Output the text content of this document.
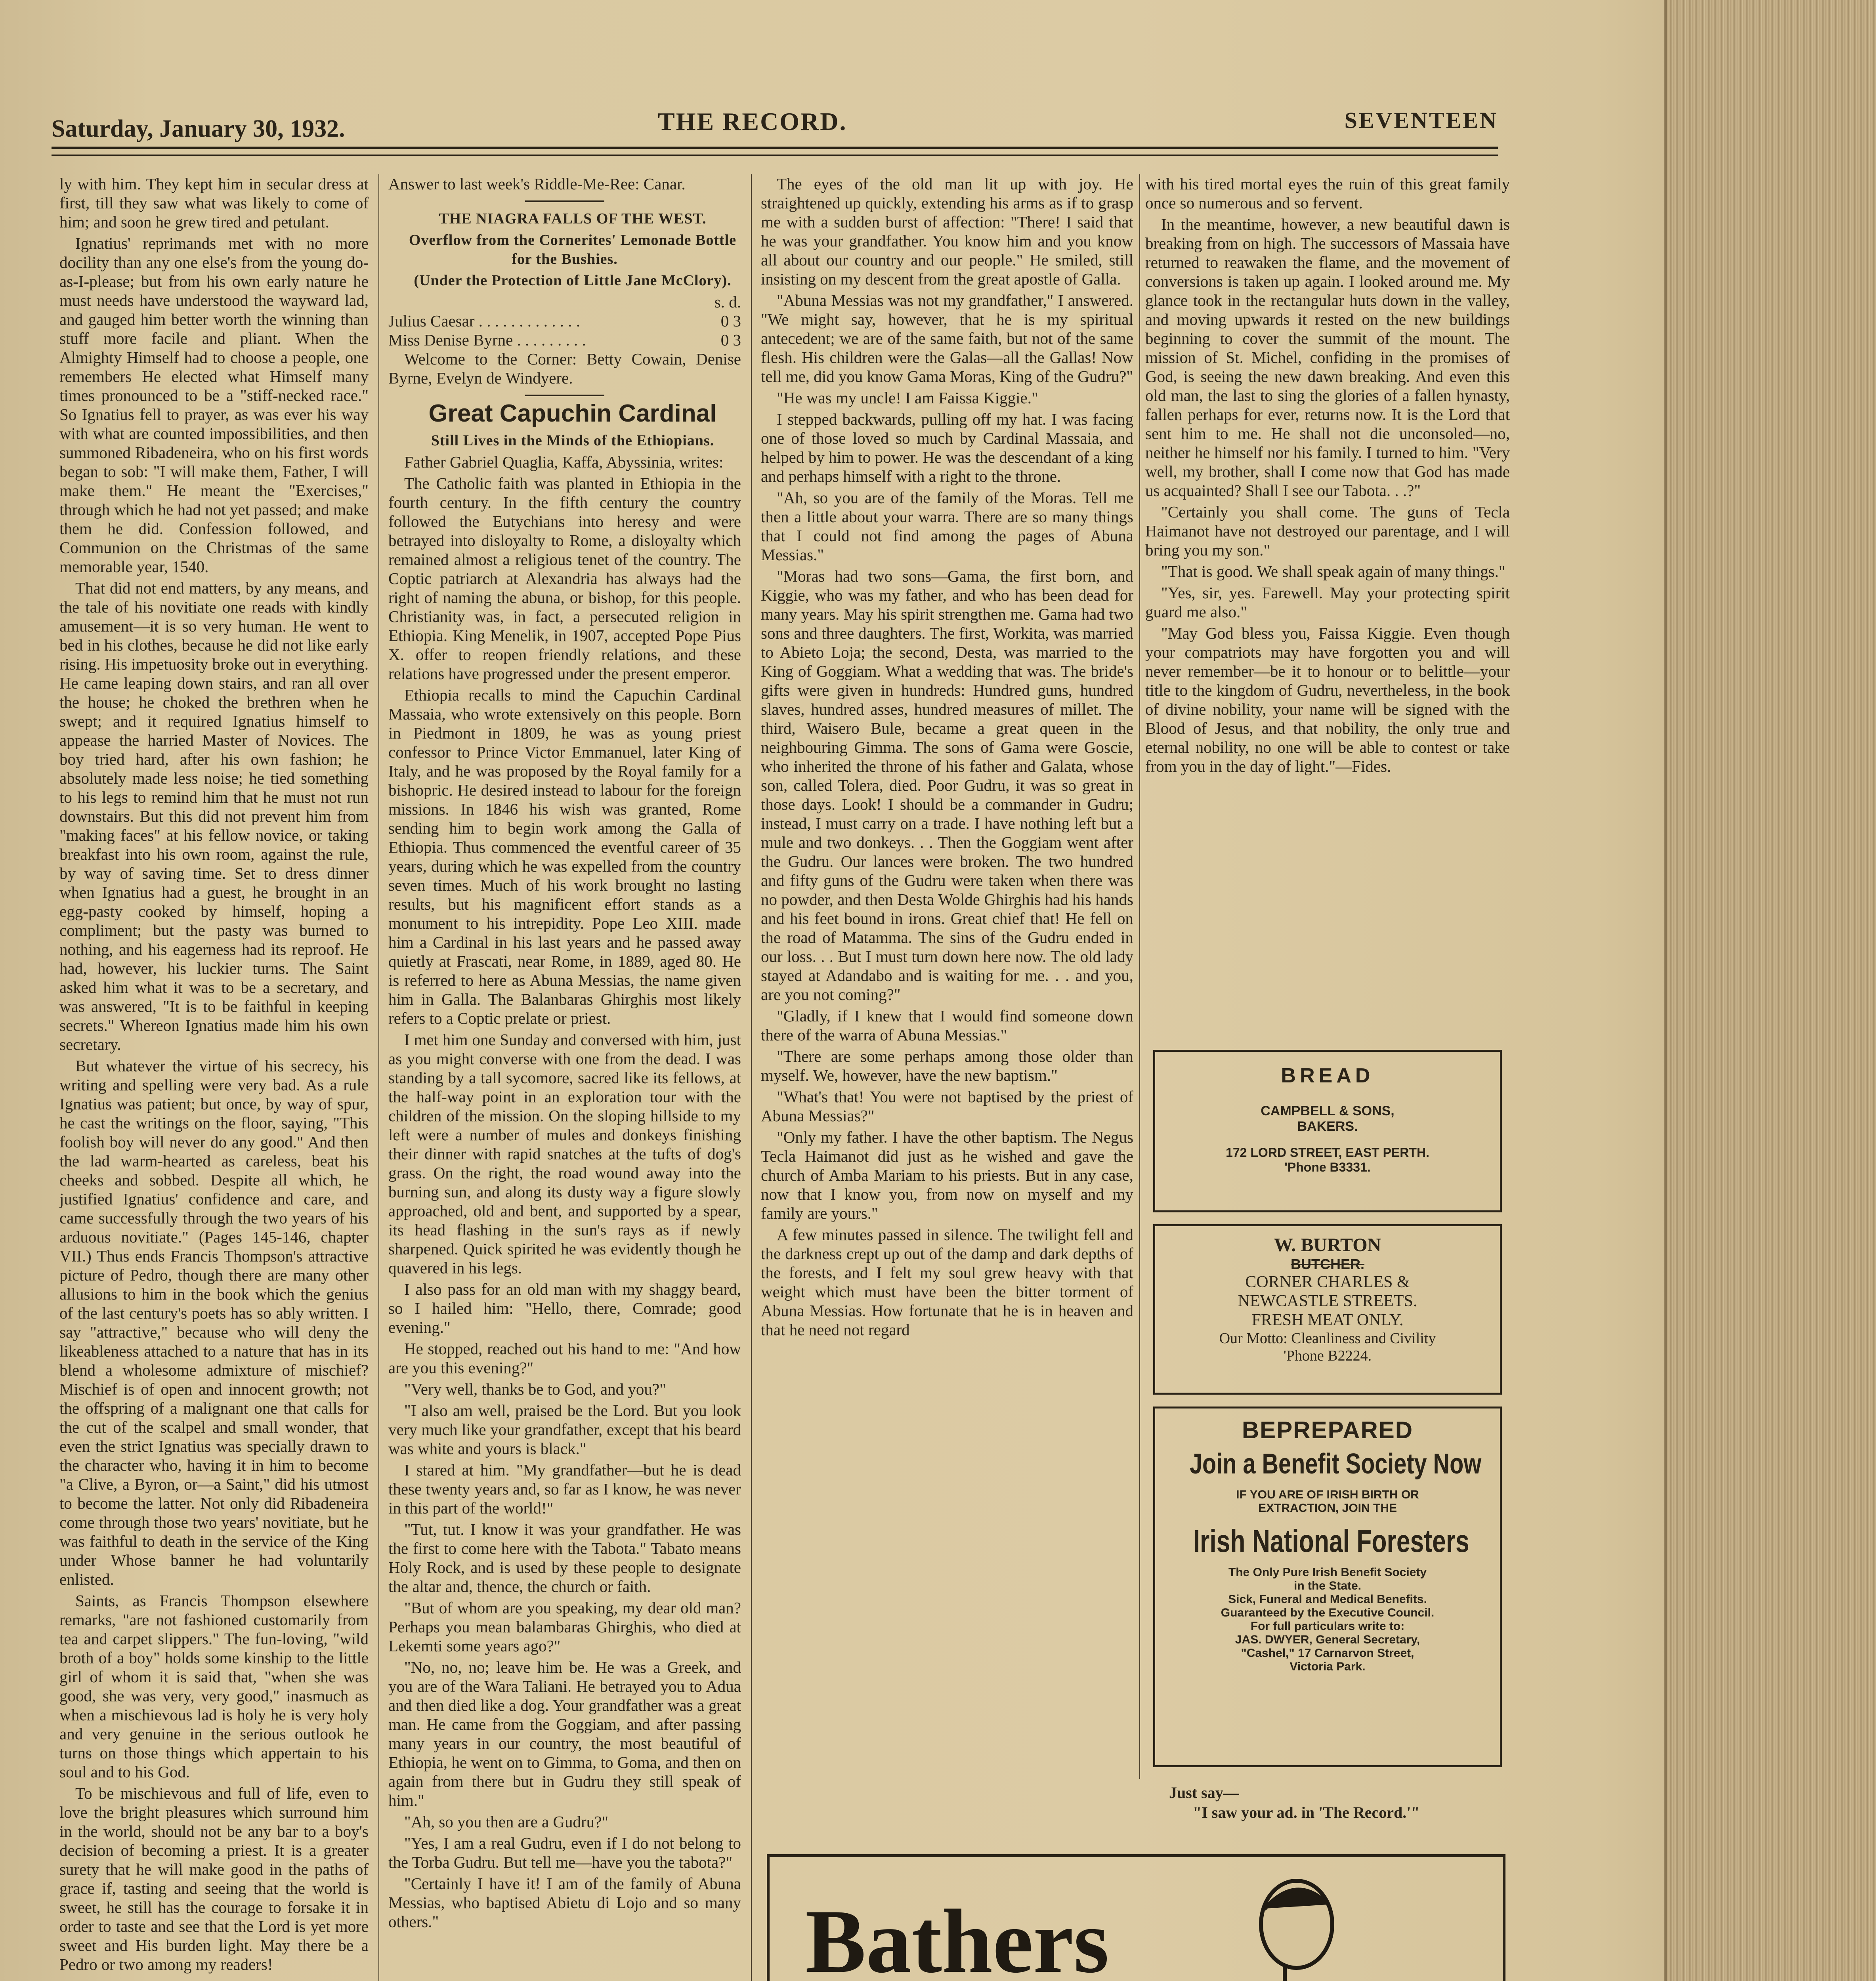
Saturday, January 30, 1932.	THE RECORD.	SEVENTEEN

ly with him. They kept him in secular dress at first, till they saw what was likely to come of him; and soon he grew tired and petulant.

Ignatius' reprimands met with no more docility than any one else's from the young do-as-I-please; but from his own early nature he must needs have understood the wayward lad, and gauged him better worth the winning than stuff more facile and pliant. When the Almighty Himself had to choose a people, one remembers He elected what Himself many times pronounced to be a "stiff-necked race." So Ignatius fell to prayer, as was ever his way with what are counted impossibilities, and then summoned Ribadeneira, who on his first words began to sob: "I will make them, Father, I will make them." He meant the "Exercises," through which he had not yet passed; and make them he did. Confession followed, and Communion on the Christmas of the same memorable year, 1540.

That did not end matters, by any means, and the tale of his novitiate one reads with kindly amusement—it is so very human. He went to bed in his clothes, because he did not like early rising. His impetuosity broke out in everything. He came leaping down stairs, and ran all over the house; he choked the brethren when he swept; and it required Ignatius himself to appease the harried Master of Novices. The boy tried hard, after his own fashion; he absolutely made less noise; he tied something to his legs to remind him that he must not run downstairs. But this did not prevent him from "making faces" at his fellow novice, or taking breakfast into his own room, against the rule, by way of saving time. Set to dress dinner when Ignatius had a guest, he brought in an egg-pasty cooked by himself, hoping a compliment; but the pasty was burned to nothing, and his eagerness had its reproof. He had, however, his luckier turns. The Saint asked him what it was to be a secretary, and was answered, "It is to be faithful in keeping secrets." Whereon Ignatius made him his own secretary.

But whatever the virtue of his secrecy, his writing and spelling were very bad. As a rule Ignatius was patient; but once, by way of spur, he cast the writings on the floor, saying, "This foolish boy will never do any good." And then the lad warm-hearted as careless, beat his cheeks and sobbed. Despite all which, he justified Ignatius' confidence and care, and came successfully through the two years of his arduous novitiate." (Pages 145-146, chapter VII.) Thus ends Francis Thompson's attractive picture of Pedro, though there are many other allusions to him in the book which the genius of the last century's poets has so ably written. I say "attractive," because who will deny the likeableness attached to a nature that has in its blend a wholesome admixture of mischief? Mischief is of open and innocent growth; not the offspring of a malignant one that calls for the cut of the scalpel and small wonder, that even the strict Ignatius was specially drawn to the character who, having it in him to become "a Clive, a Byron, or—a Saint," did his utmost to become the latter. Not only did Ribadeneira come through those two years' novitiate, but he was faithful to death in the service of the King under Whose banner he had voluntarily enlisted.

Saints, as Francis Thompson elsewhere remarks, "are not fashioned customarily from tea and carpet slippers." The fun-loving, "wild broth of a boy" holds some kinship to the little girl of whom it is said that, "when she was good, she was very, very good," inasmuch as when a mischievous lad is holy he is very holy and very genuine in the serious outlook he turns on those things which appertain to his soul and to his God.

To be mischievous and full of life, even to love the bright pleasures which surround him in the world, should not be any bar to a boy's decision of becoming a priest. It is a greater surety that he will make good in the paths of grace if, tasting and seeing that the world is sweet, he still has the courage to forsake it in order to taste and see that the Lord is yet more sweet and His burden light. May there be a Pedro or two among my readers!

Answer to last week's Riddle-Me-Ree: Canar.

THE NIAGRA FALLS OF THE WEST.

Overflow from the Cornerites' Lemonade Bottle for the Bushies.

(Under the Protection of Little Jane McClory).

s. d.
Julius Caesar . . . . . . . . . . . . .	0 3
Miss Denise Byrne . . . . . . . . .	0 3

Welcome to the Corner: Betty Cowain, Denise Byrne, Evelyn de Windyere.

Great Capuchin Cardinal

Still Lives in the Minds of the Ethiopians.

Father Gabriel Quaglia, Kaffa, Abyssinia, writes:

The Catholic faith was planted in Ethiopia in the fourth century. In the fifth century the country followed the Eutychians into heresy and were betrayed into disloyalty to Rome, a disloyalty which remained almost a religious tenet of the country. The Coptic patriarch at Alexandria has always had the right of naming the abuna, or bishop, for this people. Christianity was, in fact, a persecuted religion in Ethiopia. King Menelik, in 1907, accepted Pope Pius X. offer to reopen friendly relations, and these relations have progressed under the present emperor.

Ethiopia recalls to mind the Capuchin Cardinal Massaia, who wrote extensively on this people. Born in Piedmont in 1809, he was as young priest confessor to Prince Victor Emmanuel, later King of Italy, and he was proposed by the Royal family for a bishopric. He desired instead to labour for the foreign missions. In 1846 his wish was granted, Rome sending him to begin work among the Galla of Ethiopia. Thus commenced the eventful career of 35 years, during which he was expelled from the country seven times. Much of his work brought no lasting results, but his magnificent effort stands as a monument to his intrepidity. Pope Leo XIII. made him a Cardinal in his last years and he passed away quietly at Frascati, near Rome, in 1889, aged 80. He is referred to here as Abuna Messias, the name given him in Galla. The Balanbaras Ghirghis most likely refers to a Coptic prelate or priest.

I met him one Sunday and conversed with him, just as you might converse with one from the dead. I was standing by a tall sycomore, sacred like its fellows, at the half-way point in an exploration tour with the children of the mission. On the sloping hillside to my left were a number of mules and donkeys finishing their dinner with rapid snatches at the tufts of dog's grass. On the right, the road wound away into the burning sun, and along its dusty way a figure slowly approached, old and bent, and supported by a spear, its head flashing in the sun's rays as if newly sharpened. Quick spirited he was evidently though he quavered in his legs.

I also pass for an old man with my shaggy beard, so I hailed him: "Hello, there, Comrade; good evening."

He stopped, reached out his hand to me: "And how are you this evening?"

"Very well, thanks be to God, and you?"

"I also am well, praised be the Lord. But you look very much like your grandfather, except that his beard was white and yours is black."

I stared at him. "My grandfather—but he is dead these twenty years and, so far as I know, he was never in this part of the world!"

"Tut, tut. I know it was your grandfather. He was the first to come here with the Tabota." Tabato means Holy Rock, and is used by these people to designate the altar and, thence, the church or faith.

"But of whom are you speaking, my dear old man? Perhaps you mean balambaras Ghirghis, who died at Lekemti some years ago?"

"No, no, no; leave him be. He was a Greek, and you are of the Wara Taliani. He betrayed you to Adua and then died like a dog. Your grandfather was a great man. He came from the Goggiam, and after passing many years in our country, the most beautiful of Ethiopia, he went on to Gimma, to Goma, and then on again from there but in Gudru they still speak of him."

"Ah, so you then are a Gudru?"

"Yes, I am a real Gudru, even if I do not belong to the Torba Gudru. But tell me—have you the tabota?"

"Certainly I have it! I am of the family of Abuna Messias, who baptised Abietu di Lojo and so many others."

The eyes of the old man lit up with joy. He straightened up quickly, extending his arms as if to grasp me with a sudden burst of affection: "There! I said that he was your grandfather. You know him and you know all about our country and our people." He smiled, still insisting on my descent from the great apostle of Galla.

"Abuna Messias was not my grandfather," I answered. "We might say, however, that he is my spiritual antecedent; we are of the same faith, but not of the same flesh. His children were the Galas—all the Gallas! Now tell me, did you know Gama Moras, King of the Gudru?"

"He was my uncle! I am Faissa Kiggie."

I stepped backwards, pulling off my hat. I was facing one of those loved so much by Cardinal Massaia, and helped by him to power. He was the descendant of a king and perhaps himself with a right to the throne.

"Ah, so you are of the family of the Moras. Tell me then a little about your warra. There are so many things that I could not find among the pages of Abuna Messias."

"Moras had two sons—Gama, the first born, and Kiggie, who was my father, and who has been dead for many years. May his spirit strengthen me. Gama had two sons and three daughters. The first, Workita, was married to Abieto Loja; the second, Desta, was married to the King of Goggiam. What a wedding that was. The bride's gifts were given in hundreds: Hundred guns, hundred slaves, hundred asses, hundred measures of millet. The third, Waisero Bule, became a great queen in the neighbouring Gimma. The sons of Gama were Goscie, who inherited the throne of his father and Galata, whose son, called Tolera, died. Poor Gudru, it was so great in those days. Look! I should be a commander in Gudru; instead, I must carry on a trade. I have nothing left but a mule and two donkeys. . . Then the Goggiam went after the Gudru. Our lances were broken. The two hundred and fifty guns of the Gudru were taken when there was no powder, and then Desta Wolde Ghirghis had his hands and his feet bound in irons. Great chief that! He fell on the road of Matamma. The sins of the Gudru ended in our loss. . . But I must turn down here now. The old lady stayed at Adandabo and is waiting for me. . . and you, are you not coming?"

"Gladly, if I knew that I would find someone down there of the warra of Abuna Messias."

"There are some perhaps among those older than myself. We, however, have the new baptism."

"What's that! You were not baptised by the priest of Abuna Messias?"

"Only my father. I have the other baptism. The Negus Tecla Haimanot did just as he wished and gave the church of Amba Mariam to his priests. But in any case, now that I know you, from now on myself and my family are yours."

A few minutes passed in silence. The twilight fell and the darkness crept up out of the damp and dark depths of the forests, and I felt my soul grew heavy with that weight which must have been the bitter torment of Abuna Messias. How fortunate that he is in heaven and that he need not regard

with his tired mortal eyes the ruin of this great family once so numerous and so fervent.

In the meantime, however, a new beautiful dawn is breaking from on high. The successors of Massaia have returned to reawaken the flame, and the movement of conversions is taken up again. I looked around me. My glance took in the rectangular huts down in the valley, and moving upwards it rested on the new buildings beginning to cover the summit of the mount. The mission of St. Michel, confiding in the promises of God, is seeing the new dawn breaking. And even this old man, the last to sing the glories of a fallen hynasty, fallen perhaps for ever, returns now. It is the Lord that sent him to me. He shall not die unconsoled—no, neither he himself nor his family. I turned to him. "Very well, my brother, shall I come now that God has made us acquainted? Shall I see our Tabota. . .?"

"Certainly you shall come. The guns of Tecla Haimanot have not destroyed our parentage, and I will bring you my son."

"That is good. We shall speak again of many things."

"Yes, sir, yes. Farewell. May your protecting spirit guard me also."

"May God bless you, Faissa Kiggie. Even though your compatriots may have forgotten you and will never remember—be it to honour or to belittle—your title to the kingdom of Gudru, nevertheless, in the book of divine nobility, your name will be signed with the Blood of Jesus, and that nobility, the only true and eternal nobility, no one will be able to contest or take from you in the day of light."—Fides.

BREAD
CAMPBELL & SONS,
BAKERS.
172 LORD STREET, EAST PERTH.
'Phone B3331.
W. BURTON
BUTCHER.
CORNER CHARLES &
NEWCASTLE STREETS.
FRESH MEAT ONLY.
Our Motto: Cleanliness and Civility
'Phone B2224.
BEPREPARED
Join a Benefit Society Now
IF YOU ARE OF IRISH BIRTH OR
EXTRACTION, JOIN THE
Irish National Foresters
The Only Pure Irish Benefit Society
in the State.
Sick, Funeral and Medical Benefits.
Guaranteed by the Executive Council.
For full particulars write to:
JAS. DWYER, General Secretary,
"Cashel," 17 Carnarvon Street,
Victoria Park.
Just say—
"I saw your ad. in 'The Record.'"
Bathers
